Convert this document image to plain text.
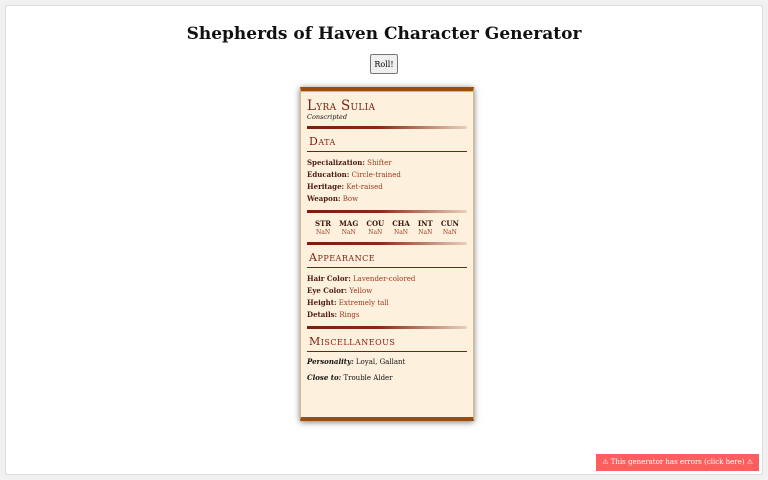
Shepherds of Haven Character Generator
Roll!
Lyra Sulia
Conscripted
Data
Specialization: Shifter
Education: Circle-trained
Heritage: Ket-raised
Weapon: Bow
STR
NaN
MAG
NaN
COU
NaN
CHA
NaN
INT
NaN
CUN
NaN
Appearance
Hair Color: Lavender-colored
Eye Color: Yellow
Height: Extremely tall
Details: Rings
Miscellaneous
Personality: Loyal, Gallant
Close to: Trouble Alder
⚠ This generator has errors (click here) ⚠
